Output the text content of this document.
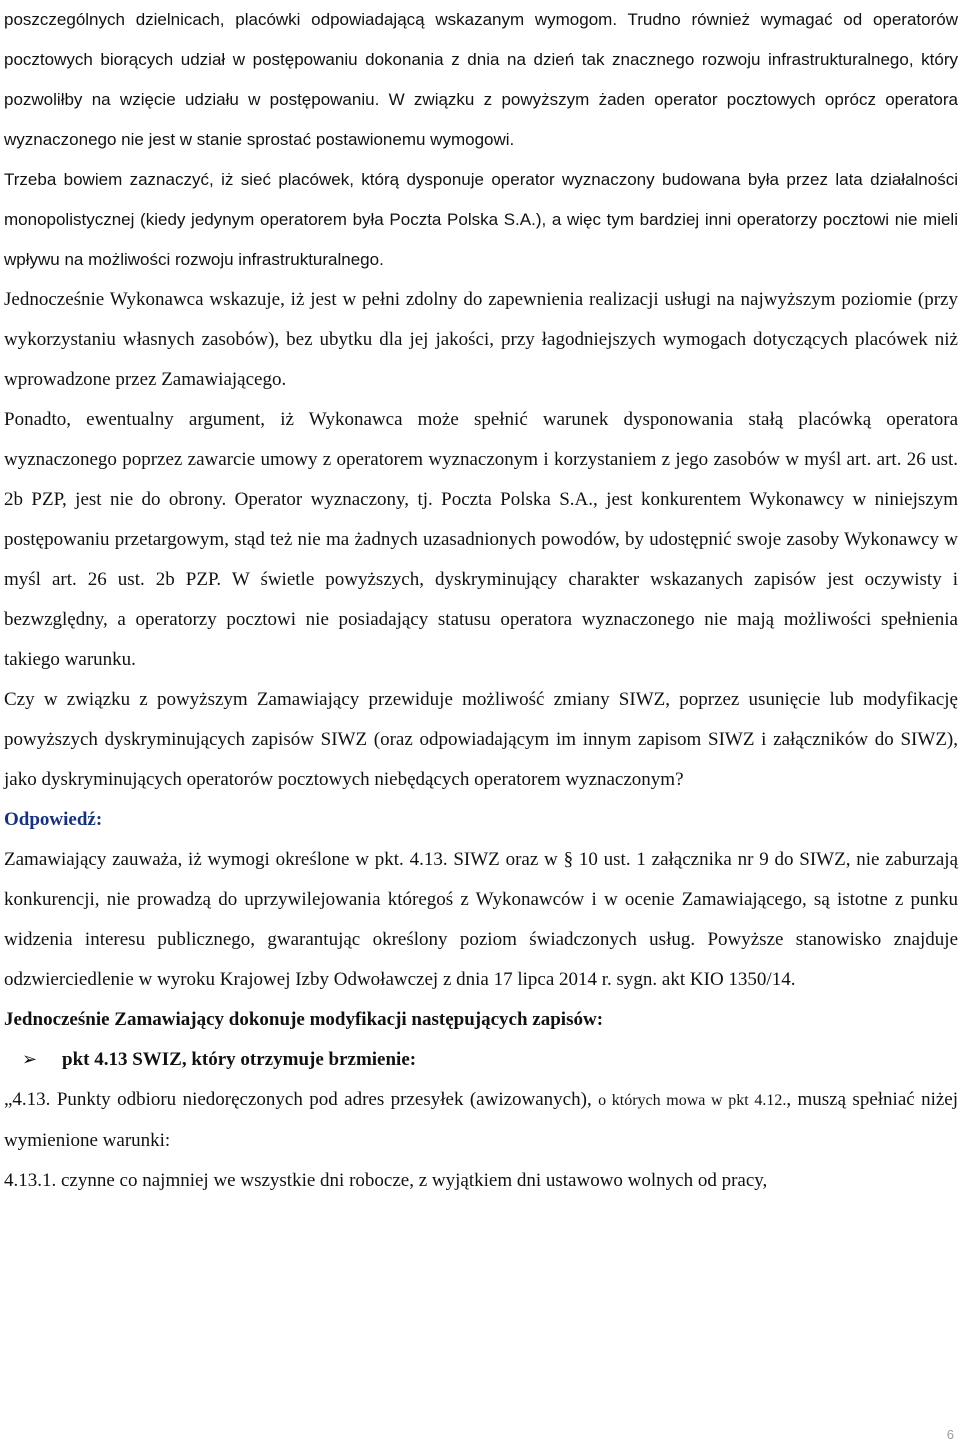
poszczególnych dzielnicach, placówki odpowiadającą wskazanym wymogom. Trudno również wymagać od operatorów pocztowych biorących udział w postępowaniu dokonania z dnia na dzień tak znacznego rozwoju infrastrukturalnego, który pozwoliłby na wzięcie udziału w postępowaniu. W związku z powyższym żaden operator pocztowych oprócz operatora wyznaczonego nie jest w stanie sprostać postawionemu wymogowi.

Trzeba bowiem zaznaczyć, iż sieć placówek, którą dysponuje operator wyznaczony budowana była przez lata działalności monopolistycznej (kiedy jedynym operatorem była Poczta Polska S.A.), a więc tym bardziej inni operatorzy pocztowi nie mieli wpływu na możliwości rozwoju infrastrukturalnego.

Jednocześnie Wykonawca wskazuje, iż jest w pełni zdolny do zapewnienia realizacji usługi na najwyższym poziomie (przy wykorzystaniu własnych zasobów), bez ubytku dla jej jakości, przy łagodniejszych wymogach dotyczących placówek niż wprowadzone przez Zamawiającego.

Ponadto, ewentualny argument, iż Wykonawca może spełnić warunek dysponowania stałą placówką operatora wyznaczonego poprzez zawarcie umowy z operatorem wyznaczonym i korzystaniem z jego zasobów w myśl art. art. 26 ust. 2b PZP, jest nie do obrony. Operator wyznaczony, tj. Poczta Polska S.A., jest konkurentem Wykonawcy w niniejszym postępowaniu przetargowym, stąd też nie ma żadnych uzasadnionych powodów, by udostępnić swoje zasoby Wykonawcy w myśl art. 26 ust. 2b PZP. W świetle powyższych, dyskryminujący charakter wskazanych zapisów jest oczywisty i bezwzględny, a operatorzy pocztowi nie posiadający statusu operatora wyznaczonego nie mają możliwości spełnienia takiego warunku.

Czy w związku z powyższym Zamawiający przewiduje możliwość zmiany SIWZ, poprzez usunięcie lub modyfikację powyższych dyskryminujących zapisów SIWZ (oraz odpowiadającym im innym zapisom SIWZ i załączników do SIWZ), jako dyskryminujących operatorów pocztowych niebędących operatorem wyznaczonym?

Odpowiedź:

Zamawiający zauważa, iż wymogi określone w pkt. 4.13. SIWZ oraz w § 10 ust. 1 załącznika nr 9 do SIWZ, nie zaburzają konkurencji, nie prowadzą do uprzywilejowania któregoś z Wykonawców i w ocenie Zamawiającego, są istotne z punku widzenia interesu publicznego, gwarantując określony poziom świadczonych usług. Powyższe stanowisko znajduje odzwierciedlenie w wyroku Krajowej Izby Odwoławczej z dnia 17 lipca 2014 r. sygn. akt KIO 1350/14.

Jednocześnie Zamawiający dokonuje modyfikacji następujących zapisów:
➢	pkt 4.13 SWIZ, który otrzymuje brzmienie:

„4.13. Punkty odbioru niedoręczonych pod adres przesyłek (awizowanych), o których mowa w pkt 4.12., muszą spełniać niżej wymienione warunki:

4.13.1. czynne co najmniej we wszystkie dni robocze, z wyjątkiem dni ustawowo wolnych od pracy,

6
